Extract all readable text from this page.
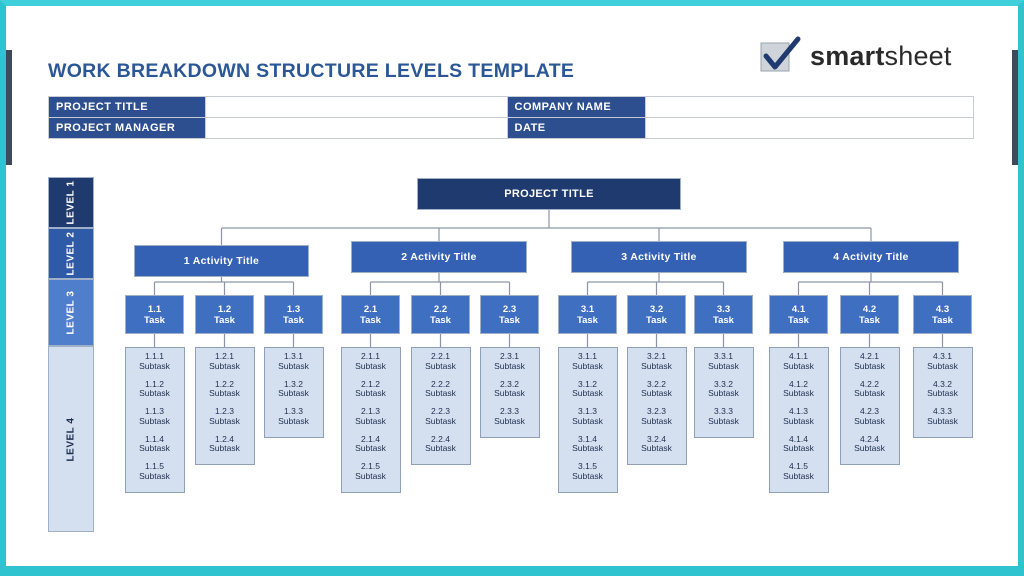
WORK BREAKDOWN STRUCTURE LEVELS TEMPLATE
smartsheet
PROJECT TITLE		COMPANY NAME	
PROJECT MANAGER		DATE	
LEVEL 1
LEVEL 2
LEVEL 3
LEVEL 4
PROJECT TITLE
1 Activity Title
1.1
Task
1.1.1
Subtask
1.1.2
Subtask
1.1.3
Subtask
1.1.4
Subtask
1.1.5
Subtask
1.2
Task
1.2.1
Subtask
1.2.2
Subtask
1.2.3
Subtask
1.2.4
Subtask
1.3
Task
1.3.1
Subtask
1.3.2
Subtask
1.3.3
Subtask
2 Activity Title
2.1
Task
2.1.1
Subtask
2.1.2
Subtask
2.1.3
Subtask
2.1.4
Subtask
2.1.5
Subtask
2.2
Task
2.2.1
Subtask
2.2.2
Subtask
2.2.3
Subtask
2.2.4
Subtask
2.3
Task
2.3.1
Subtask
2.3.2
Subtask
2.3.3
Subtask
3 Activity Title
3.1
Task
3.1.1
Subtask
3.1.2
Subtask
3.1.3
Subtask
3.1.4
Subtask
3.1.5
Subtask
3.2
Task
3.2.1
Subtask
3.2.2
Subtask
3.2.3
Subtask
3.2.4
Subtask
3.3
Task
3.3.1
Subtask
3.3.2
Subtask
3.3.3
Subtask
4 Activity Title
4.1
Task
4.1.1
Subtask
4.1.2
Subtask
4.1.3
Subtask
4.1.4
Subtask
4.1.5
Subtask
4.2
Task
4.2.1
Subtask
4.2.2
Subtask
4.2.3
Subtask
4.2.4
Subtask
4.3
Task
4.3.1
Subtask
4.3.2
Subtask
4.3.3
Subtask
